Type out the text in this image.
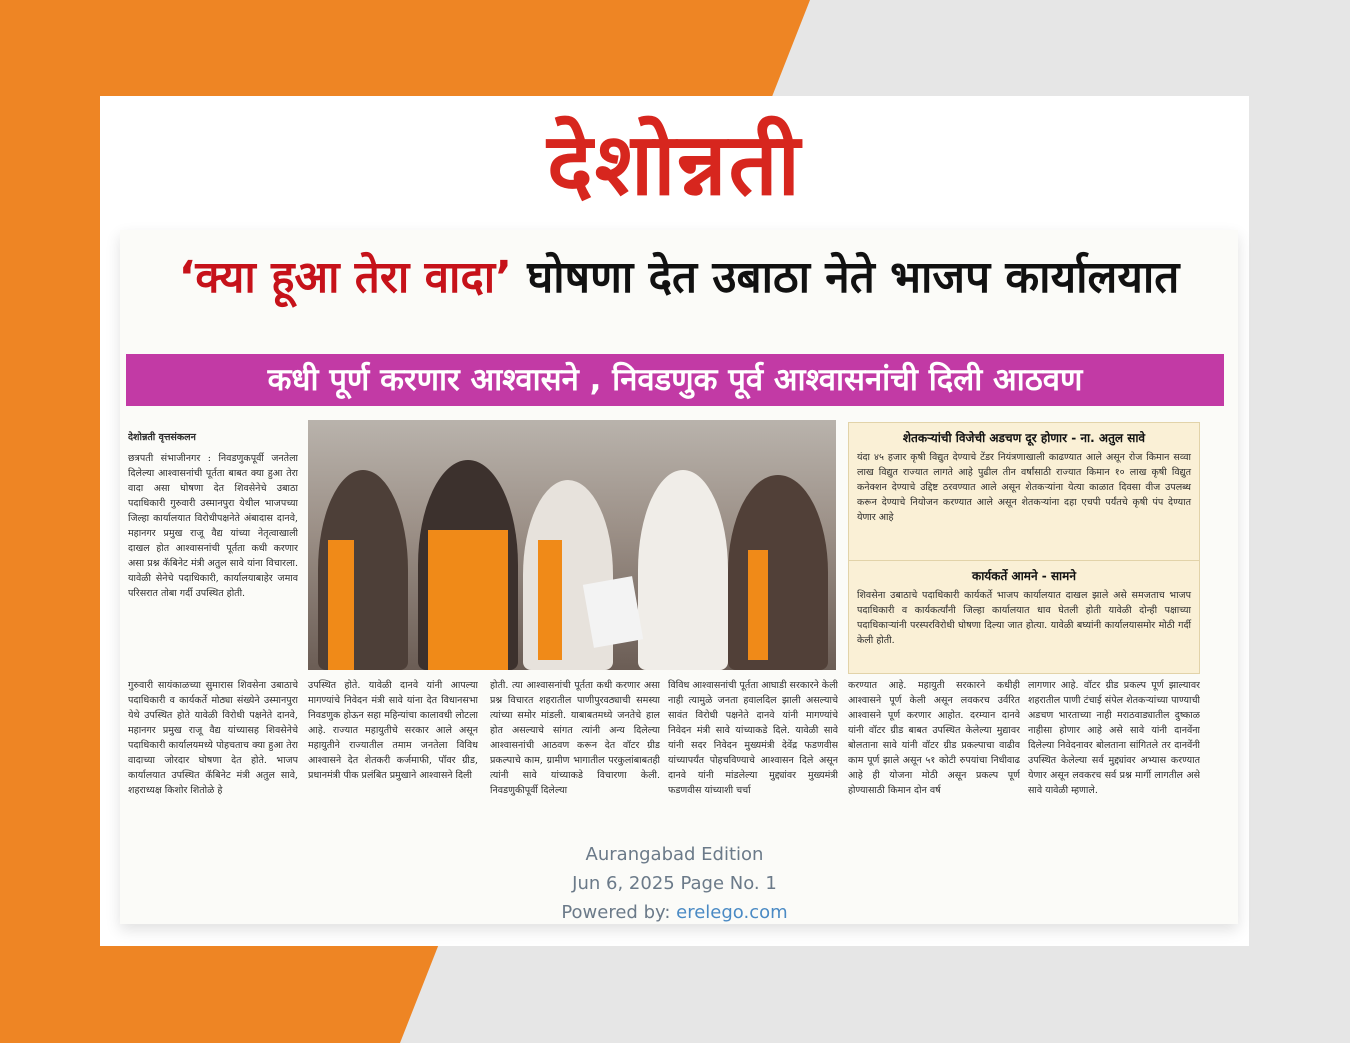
देशोन्नती
‘क्या हूआ तेरा वादा’ घोषणा देत उबाठा नेते भाजप कार्यालयात
कधी पूर्ण करणार आश्वासने , निवडणुक पूर्व आश्वासनांची दिली आठवण
देशोन्नती वृत्तसंकलन
छत्रपती संभाजीनगर : निवडणुकपूर्वी जनतेला दिलेल्या आश्वासनांची पूर्तता बाबत क्या हुआ तेरा वादा असा घोषणा देत शिवसेनेचे उबाठा पदाधिकारी गुरुवारी उस्मानपुरा येथील भाजपच्या जिल्हा कार्यालयात विरोधीपक्षनेते अंबादास दानवे, महानगर प्रमुख राजू वैद्य यांच्या नेतृत्वाखाली दाखल होत आश्वासनांची पूर्तता कधी करणार असा प्रश्न कॅबिनेट मंत्री अतुल सावे यांना विचारला. यावेळी सेनेचे पदाधिकारी, कार्यालयाबाहेर जमाव परिसरात तोबा गर्दी उपस्थित होती.
शेतकऱ्यांची विजेची अडचण दूर होणार - ना. अतुल सावे
यंदा ४५ हजार कृषी विद्युत देण्याचे टेंडर नियंत्रणाखाली काढण्यात आले असून रोज किमान सव्वा लाख विद्युत राज्यात लागते आहे पुढील तीन वर्षांसाठी राज्यात किमान १० लाख कृषी विद्युत कनेक्शन देण्याचे उद्दिष्ट ठरवण्यात आले असून शेतकऱ्यांना येत्या काळात दिवसा वीज उपलब्ध करून देण्याचे नियोजन करण्यात आले असून शेतकऱ्यांना दहा एचपी पर्यंतचे कृषी पंप देण्यात येणार आहे
कार्यकर्ते आमने - सामने
शिवसेना उबाठाचे पदाधिकारी कार्यकर्ते भाजप कार्यालयात दाखल झाले असे समजताच भाजप पदाधिकारी व कार्यकर्त्यांनी जिल्हा कार्यालयात धाव घेतली होती यावेळी दोन्ही पक्षाच्या पदाधिकाऱ्यांनी परस्परविरोधी घोषणा दिल्या जात होत्या. यावेळी बघ्यांनी कार्यालयासमोर मोठी गर्दी केली होती.
गुरुवारी सायंकाळच्या सुमारास शिवसेना उबाठाचे पदाधिकारी व कार्यकर्ते मोठ्या संख्येने उस्मानपुरा येथे उपस्थित होते यावेळी विरोधी पक्षनेते दानवे, महानगर प्रमुख राजू वैद्य यांच्यासह शिवसेनेचे पदाधिकारी कार्यालयमध्ये पोहचताच क्या हुआ तेरा वादाच्या जोरदार घोषणा देत होते. भाजप कार्यालयात उपस्थित कॅबिनेट मंत्री अतुल सावे, शहराध्यक्ष किशोर शितोळे हे
उपस्थित होते. यावेळी दानवे यांनी आपल्या मागण्यांचे निवेदन मंत्री सावे यांना देत विधानसभा निवडणुक होऊन सहा महिन्यांचा कालावधी लोटला आहे. राज्यात महायुतीचे सरकार आले असून महायुतीने राज्यातील तमाम जनतेला विविध आश्वासने देत शेतकरी कर्जमाफी, पॉवर ग्रीड, प्रधानमंत्री पीक प्रलंबित प्रमुखाने आश्वासने दिली
होती. त्या आश्वासनांची पूर्तता कधी करणार असा प्रश्न विचारत शहरातील पाणीपुरवठ्याची समस्या त्यांच्या समोर मांडली. याबाबतमध्ये जनतेचे हाल होत असल्याचे सांगत त्यांनी अन्य दिलेल्या आश्वासनांची आठवण करून देत वॉटर ग्रीड प्रकल्पाचे काम, ग्रामीण भागातील परकुलांबाबतही त्यांनी सावे यांच्याकडे विचारणा केली. निवडणुकीपूर्वी दिलेल्या
विविध आश्वासनांची पूर्तता आघाडी सरकारने केली नाही त्यामुळे जनता हवालदिल झाली असल्याचे सावंत विरोधी पक्षनेते दानवे यांनी मागण्यांचे निवेदन मंत्री सावे यांच्याकडे दिले. यावेळी सावे यांनी सदर निवेदन मुख्यमंत्री देवेंद्र फडणवीस यांच्यापर्यंत पोहचविण्याचे आश्वासन दिले असून दानवे यांनी मांडलेल्या मुद्द्यांवर मुख्यमंत्री फडणवीस यांच्याशी चर्चा
करण्यात आहे. महायुती सरकारने कधीही आश्वासने पूर्ण केली असून लवकरच उर्वरित आश्वासने पूर्ण करणार आहोत. दरम्यान दानवे यांनी वॉटर ग्रीड बाबत उपस्थित केलेल्या मुद्यावर बोलताना सावे यांनी वॉटर ग्रीड प्रकल्पाचा वाढीव काम पूर्ण झाले असून ५१ कोटी रुपयांचा निधीवाढ आहे ही योजना मोठी असून प्रकल्प पूर्ण होण्यासाठी किमान दोन वर्ष
लागणार आहे. वॉटर ग्रीड प्रकल्प पूर्ण झाल्यावर शहरातील पाणी टंचाई संपेल शेतकऱ्यांच्या पाण्याची अडचण भारताच्या नाही मराठवाड्यातील दुष्काळ नाहीसा होणार आहे असे सावे यांनी दानवेंना दिलेल्या निवेदनावर बोलताना सांगितले तर दानवेंनी उपस्थित केलेल्या सर्व मुद्द्यांवर अभ्यास करण्यात येणार असून लवकरच सर्व प्रश्न मार्गी लागतील असे सावे यावेळी म्हणाले.
Aurangabad Edition
Jun 6, 2025 Page No. 1
Powered by: erelego.com
